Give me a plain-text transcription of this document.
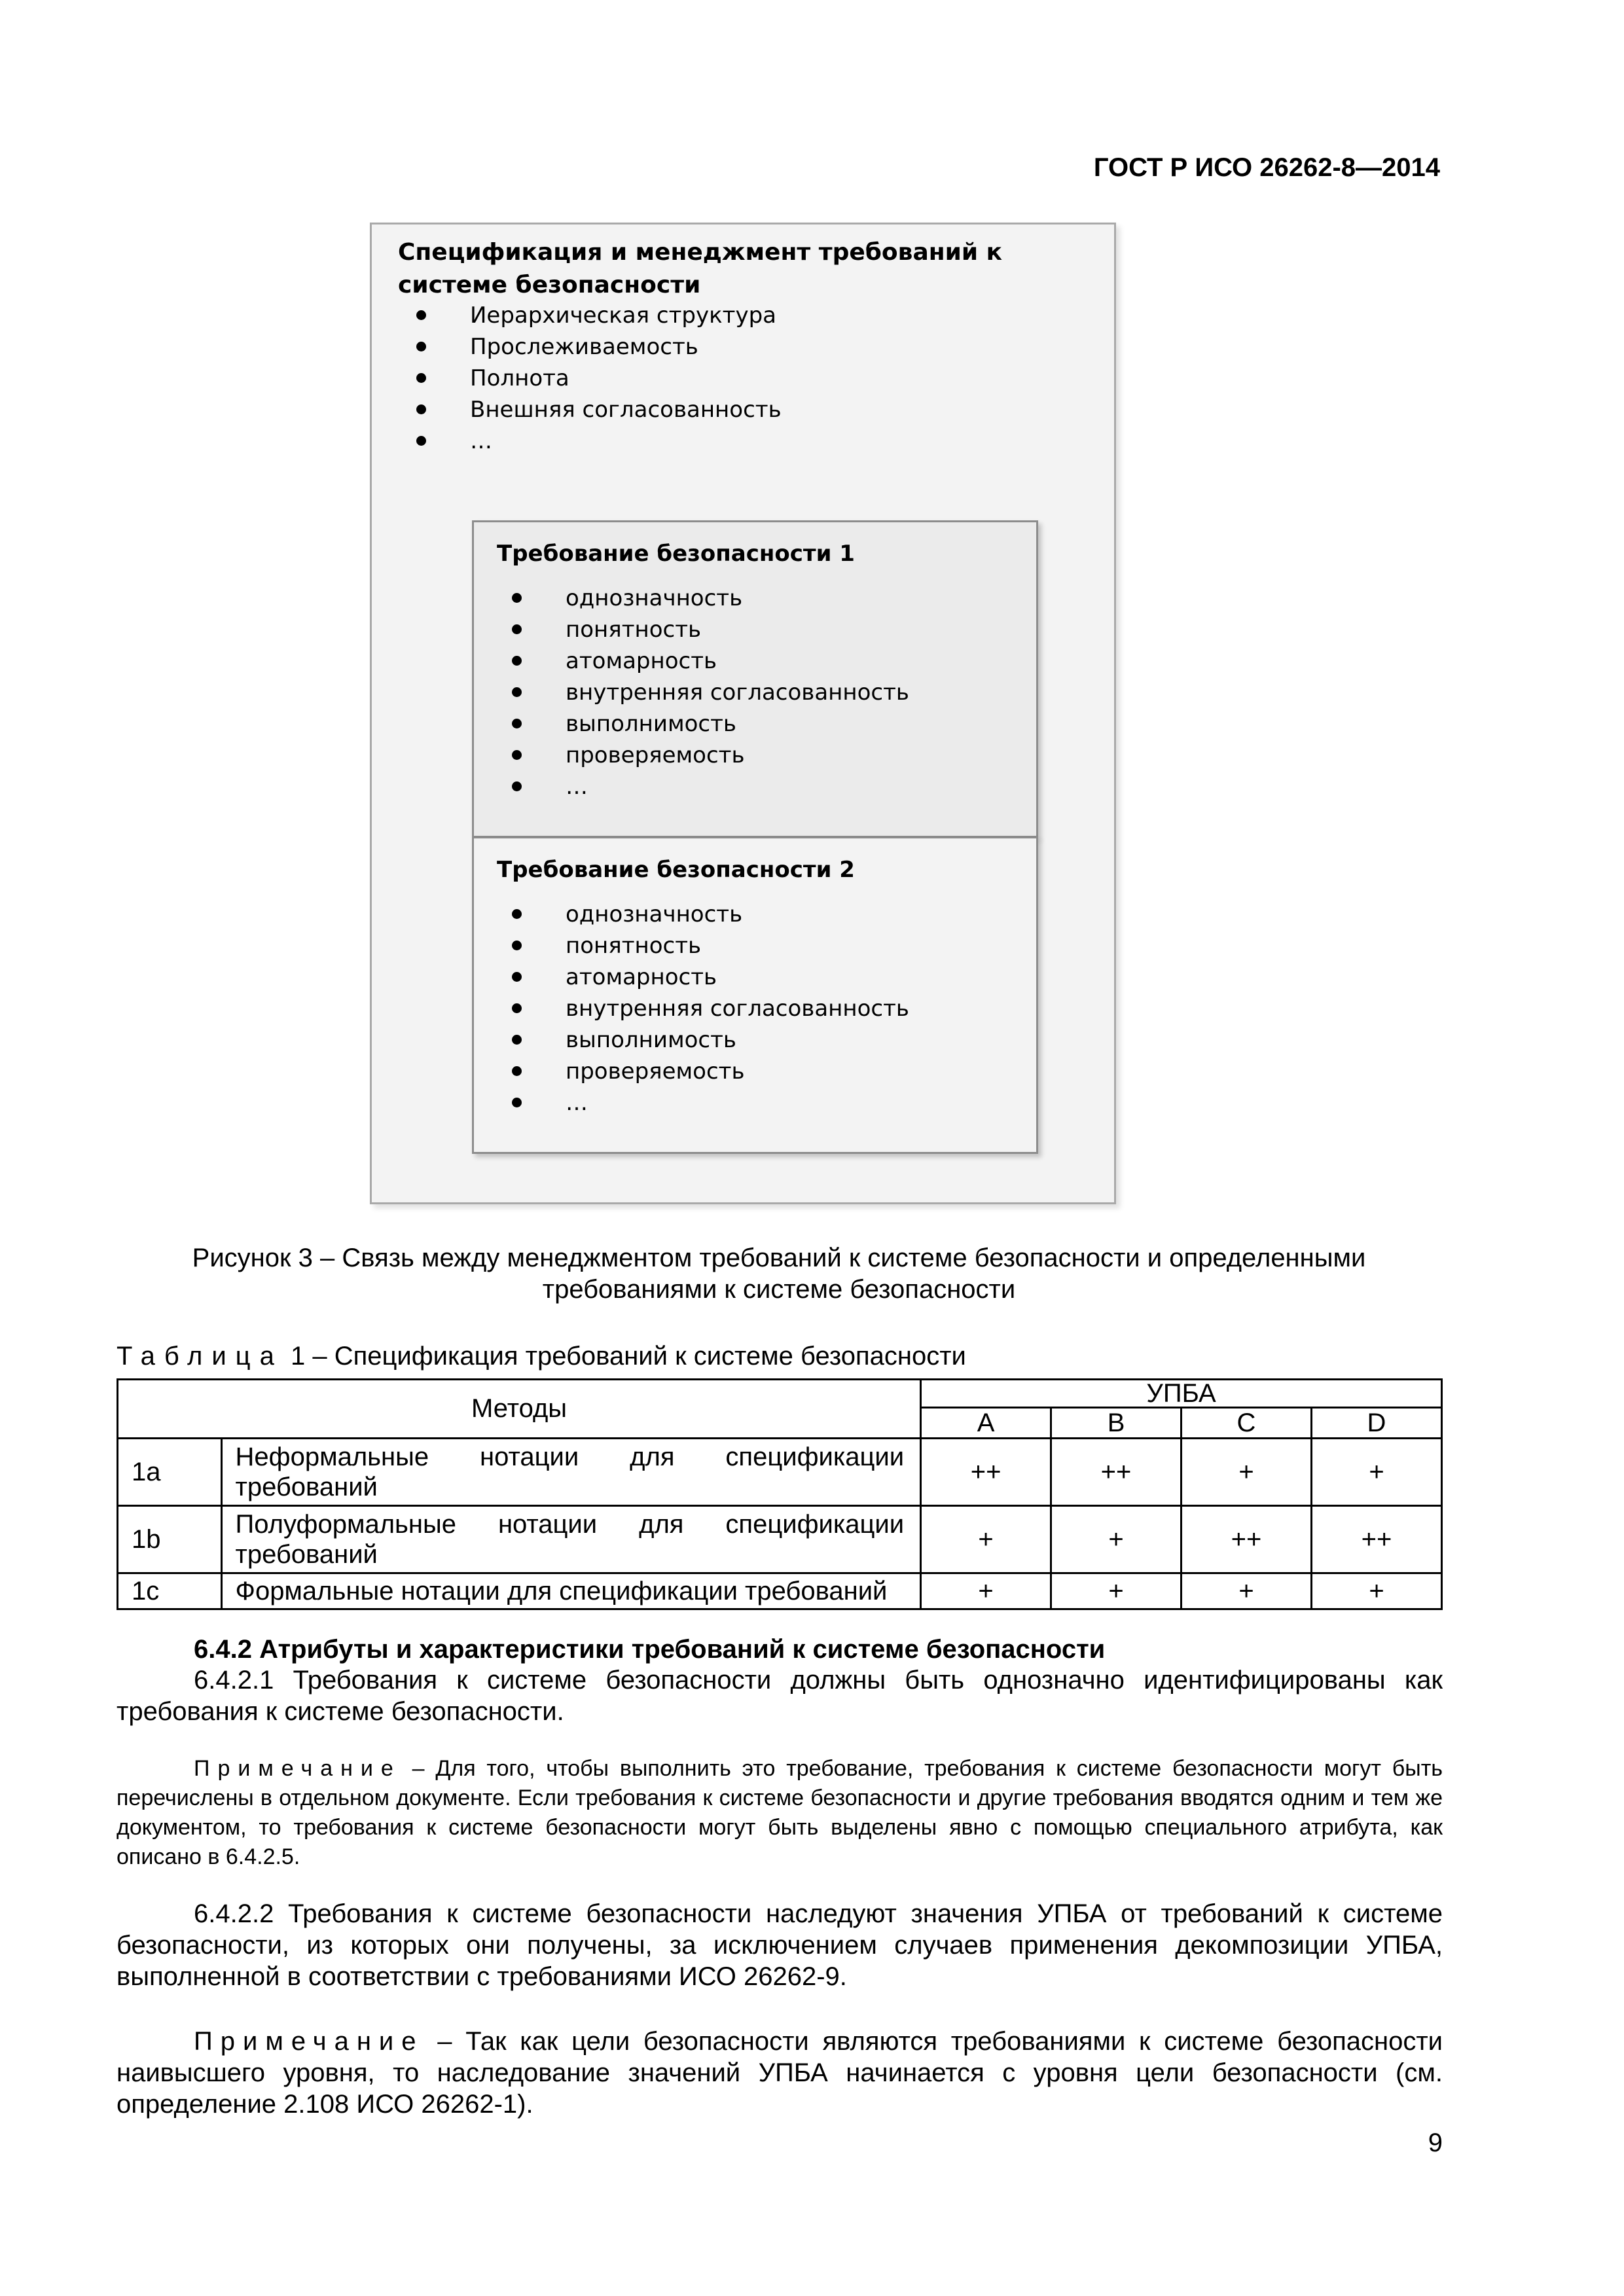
ГОСТ Р ИСО 26262-8—2014
Спецификация и менеджмент требований к системе безопасности
Иерархическая структура
Прослеживаемость
Полнота
Внешняя согласованность
…
Требование безопасности 1
однозначность
понятность
атомарность
внутренняя согласованность
выполнимость
проверяемость
…
Требование безопасности 2
однозначность
понятность
атомарность
внутренняя согласованность
выполнимость
проверяемость
…
Рисунок 3 – Связь между менеджментом требований к системе безопасности и определенными требованиями к системе безопасности
Таблица 1 – Спецификация требований к системе безопасности
Методы		УПБА			
		A	B	C	D
1a	Неформальные нотации для спецификации требований	++	++	+	+
1b	Полуформальные нотации для спецификации требований	+	+	++	++
1c	Формальные нотации для спецификации требований	+	+	+	+
6.4.2 Атрибуты и характеристики требований к системе безопасности
6.4.2.1 Требования к системе безопасности должны быть однозначно идентифицированы как требования к системе безопасности.
Примечание – Для того, чтобы выполнить это требование, требования к системе безопасности могут быть перечислены в отдельном документе. Если требования к системе безопасности и другие требования вводятся одним и тем же документом, то требования к системе безопасности могут быть выделены явно с помощью специального атрибута, как описано в 6.4.2.5.
6.4.2.2 Требования к системе безопасности наследуют значения УПБА от требований к системе безопасности, из которых они получены, за исключением случаев применения декомпозиции УПБА, выполненной в соответствии с требованиями ИСО 26262-9.
Примечание – Так как цели безопасности являются требованиями к системе безопасности наивысшего уровня, то наследование значений УПБА начинается с уровня цели безопасности (см. определение 2.108 ИСО 26262-1).
9
